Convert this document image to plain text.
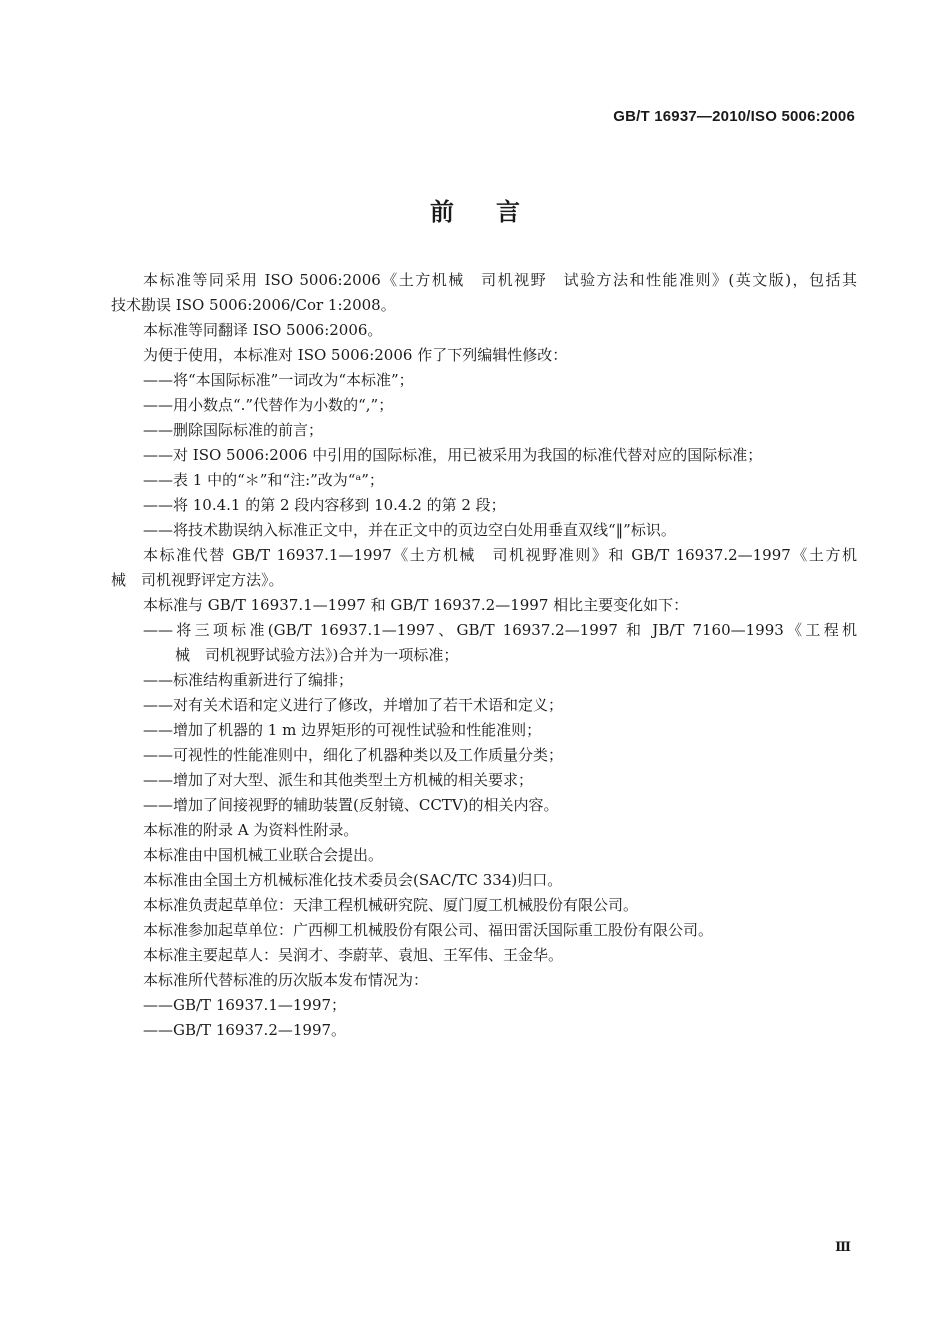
GB/T 16937—2010/ISO 5006:2006
前言

本标准等同采用 ISO 5006:2006《土方机械　司机视野　试验方法和性能准则》(英文版)，包括其

技术勘误 ISO 5006:2006/Cor 1:2008。

本标准等同翻译 ISO 5006:2006。

为便于使用，本标准对 ISO 5006:2006 作了下列编辑性修改：

——将“本国际标准”一词改为“本标准”；

——用小数点“.”代替作为小数的“,”；

——删除国际标准的前言；

——对 ISO 5006:2006 中引用的国际标准，用已被采用为我国的标准代替对应的国际标准；

——表 1 中的“＊”和“注:”改为“ᵃ”；

——将 10.4.1 的第 2 段内容移到 10.4.2 的第 2 段；

——将技术勘误纳入标准正文中，并在正文中的页边空白处用垂直双线“‖”标识。

本标准代替 GB/T 16937.1—1997《土方机械　司机视野准则》和 GB/T 16937.2—1997《土方机

械　司机视野评定方法》。

本标准与 GB/T 16937.1—1997 和 GB/T 16937.2—1997 相比主要变化如下：

——将三项标准(GB/T 16937.1—1997、GB/T 16937.2—1997 和 JB/T 7160—1993《工程机

械　司机视野试验方法》)合并为一项标准；

——标准结构重新进行了编排；

——对有关术语和定义进行了修改，并增加了若干术语和定义；

——增加了机器的 1 m 边界矩形的可视性试验和性能准则；

——可视性的性能准则中，细化了机器种类以及工作质量分类；

——增加了对大型、派生和其他类型土方机械的相关要求；

——增加了间接视野的辅助装置(反射镜、CCTV)的相关内容。

本标准的附录 A 为资料性附录。

本标准由中国机械工业联合会提出。

本标准由全国土方机械标准化技术委员会(SAC/TC 334)归口。

本标准负责起草单位：天津工程机械研究院、厦门厦工机械股份有限公司。

本标准参加起草单位：广西柳工机械股份有限公司、福田雷沃国际重工股份有限公司。

本标准主要起草人：吴润才、李蔚苹、袁旭、王军伟、王金华。

本标准所代替标准的历次版本发布情况为：

——GB/T 16937.1—1997；

——GB/T 16937.2—1997。

Ⅲ
